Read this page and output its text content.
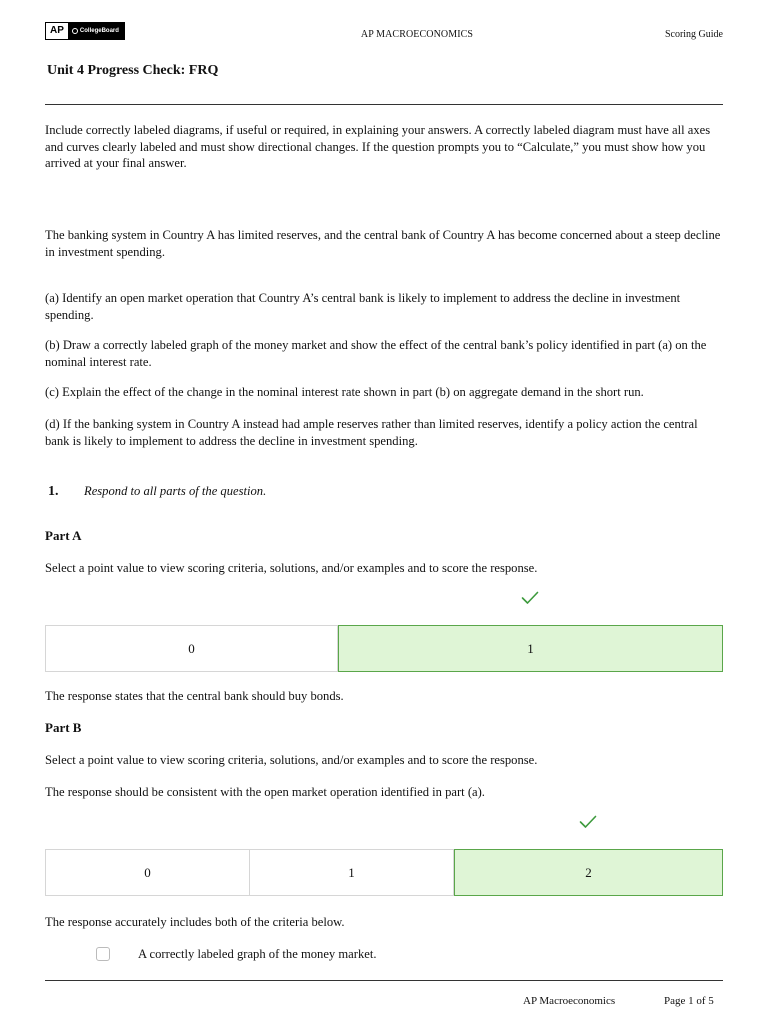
AP	CollegeBoard	AP MACROECONOMICS	Scoring Guide
Unit 4 Progress Check: FRQ
Include correctly labeled diagrams, if useful or required, in explaining your answers. A correctly labeled diagram must have all axes and curves clearly labeled and must show directional changes. If the question prompts you to “Calculate,” you must show how you arrived at your final answer.
The banking system in Country A has limited reserves, and the central bank of Country A has become concerned about a steep decline in investment spending.
(a) Identify an open market operation that Country A’s central bank is likely to implement to address the decline in investment spending.
(b) Draw a correctly labeled graph of the money market and show the effect of the central bank’s policy identified in part (a) on the nominal interest rate.
(c) Explain the effect of the change in the nominal interest rate shown in part (b) on aggregate demand in the short run.
(d) If the banking system in Country A instead had ample reserves rather than limited reserves, identify a policy action the central bank is likely to implement to address the decline in investment spending.
1. Respond to all parts of the question.
Part A
Select a point value to view scoring criteria, solutions, and/or examples and to score the response.
0	1
The response states that the central bank should buy bonds.
Part B
Select a point value to view scoring criteria, solutions, and/or examples and to score the response.
The response should be consistent with the open market operation identified in part (a).
0	1	2
The response accurately includes both of the criteria below.
A correctly labeled graph of the money market.
AP Macroeconomics	Page 1 of 5
